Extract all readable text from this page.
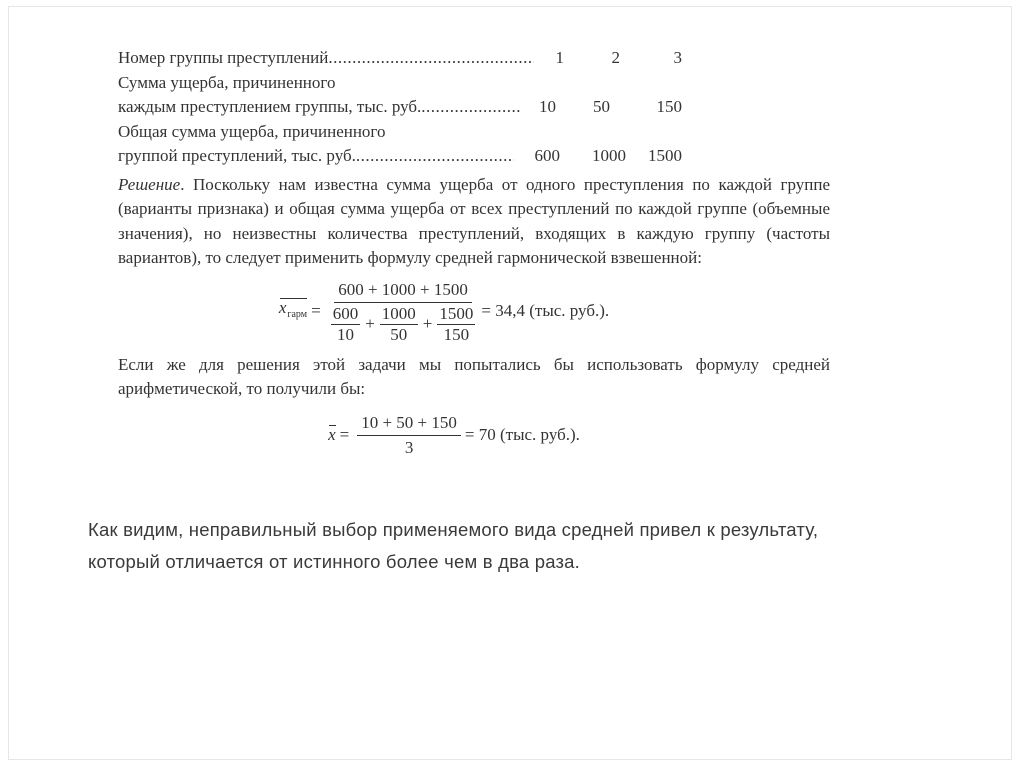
Номер группы преступлений .....	1	2	3
Сумма ущерба, причиненного
каждым преступлением группы, тыс. руб. .....	10	50	150
Общая сумма ущерба, причиненного
группой преступлений, тыс. руб. .....	600	1000	1500

Решение. Поскольку нам известна сумма ущерба от одного преступления по каждой группе (варианты признака) и общая сумма ущерба от всех преступлений по каждой группе (объемные значения), но неизвестны количества преступлений, входящих в каждую группу (частоты вариантов), то следует применить формулу средней гармонической взвешенной:

$x_{гарм} = 600 + 1000 + 1500$
600
10
+ $\frac{1000}{50} + \frac{1500}{150} = 34,4$ (тыс. руб.).

Если же для решения этой задачи мы попытались бы использовать формулу средней арифметической, то получили бы:

$x = \frac{10 + 50 + 150}{3} = 70$ (тыс. руб.).
Как видим, неправильный выбор применяемого вида средней привел к результату, который отличается от истинного более чем в два раза.
